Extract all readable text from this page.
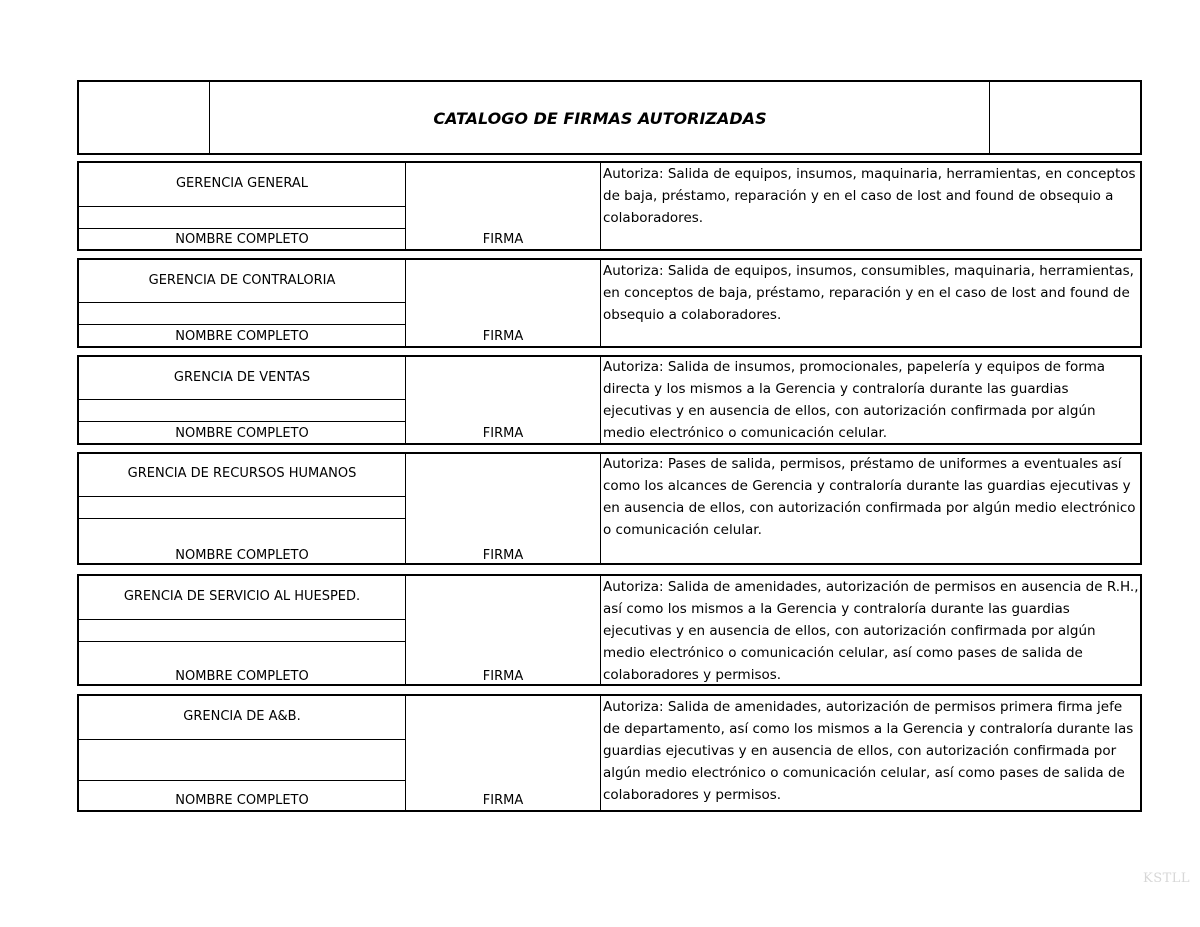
CATALOGO DE FIRMAS AUTORIZADAS
GERENCIA GENERAL
NOMBRE COMPLETO	FIRMA
Autoriza: Salida de equipos, insumos, maquinaria, herramientas, en conceptos de baja, préstamo, reparación y en el caso de lost and found de obsequio a colaboradores.
GERENCIA DE CONTRALORIA
NOMBRE COMPLETO	FIRMA
Autoriza: Salida de equipos, insumos, consumibles, maquinaria, herramientas, en conceptos de baja, préstamo, reparación y en el caso de lost and found de obsequio a colaboradores.
GRENCIA DE VENTAS
NOMBRE COMPLETO	FIRMA
Autoriza: Salida de insumos, promocionales, papelería y equipos de forma directa y los mismos a la Gerencia y contraloría durante las guardias ejecutivas y en ausencia de ellos, con autorización confirmada por algún medio electrónico o comunicación celular.
GRENCIA DE RECURSOS HUMANOS
NOMBRE COMPLETO	FIRMA
Autoriza: Pases de salida, permisos, préstamo de uniformes a eventuales así como los alcances de Gerencia y contraloría durante las guardias ejecutivas y en ausencia de ellos, con autorización confirmada por algún medio electrónico o comunicación celular.
GRENCIA DE SERVICIO AL HUESPED.
NOMBRE COMPLETO	FIRMA
Autoriza: Salida de amenidades, autorización de permisos en ausencia de R.H., así como los mismos a la Gerencia y contraloría durante las guardias ejecutivas y en ausencia de ellos, con autorización confirmada por algún medio electrónico o comunicación celular, así como pases de salida de colaboradores y permisos.
GRENCIA DE A&B.
NOMBRE COMPLETO	FIRMA
Autoriza: Salida de amenidades, autorización de permisos primera firma jefe de departamento, así como los mismos a la Gerencia y contraloría durante las guardias ejecutivas y en ausencia de ellos, con autorización confirmada por algún medio electrónico o comunicación celular, así como pases de salida de colaboradores y permisos.
KSTLL
